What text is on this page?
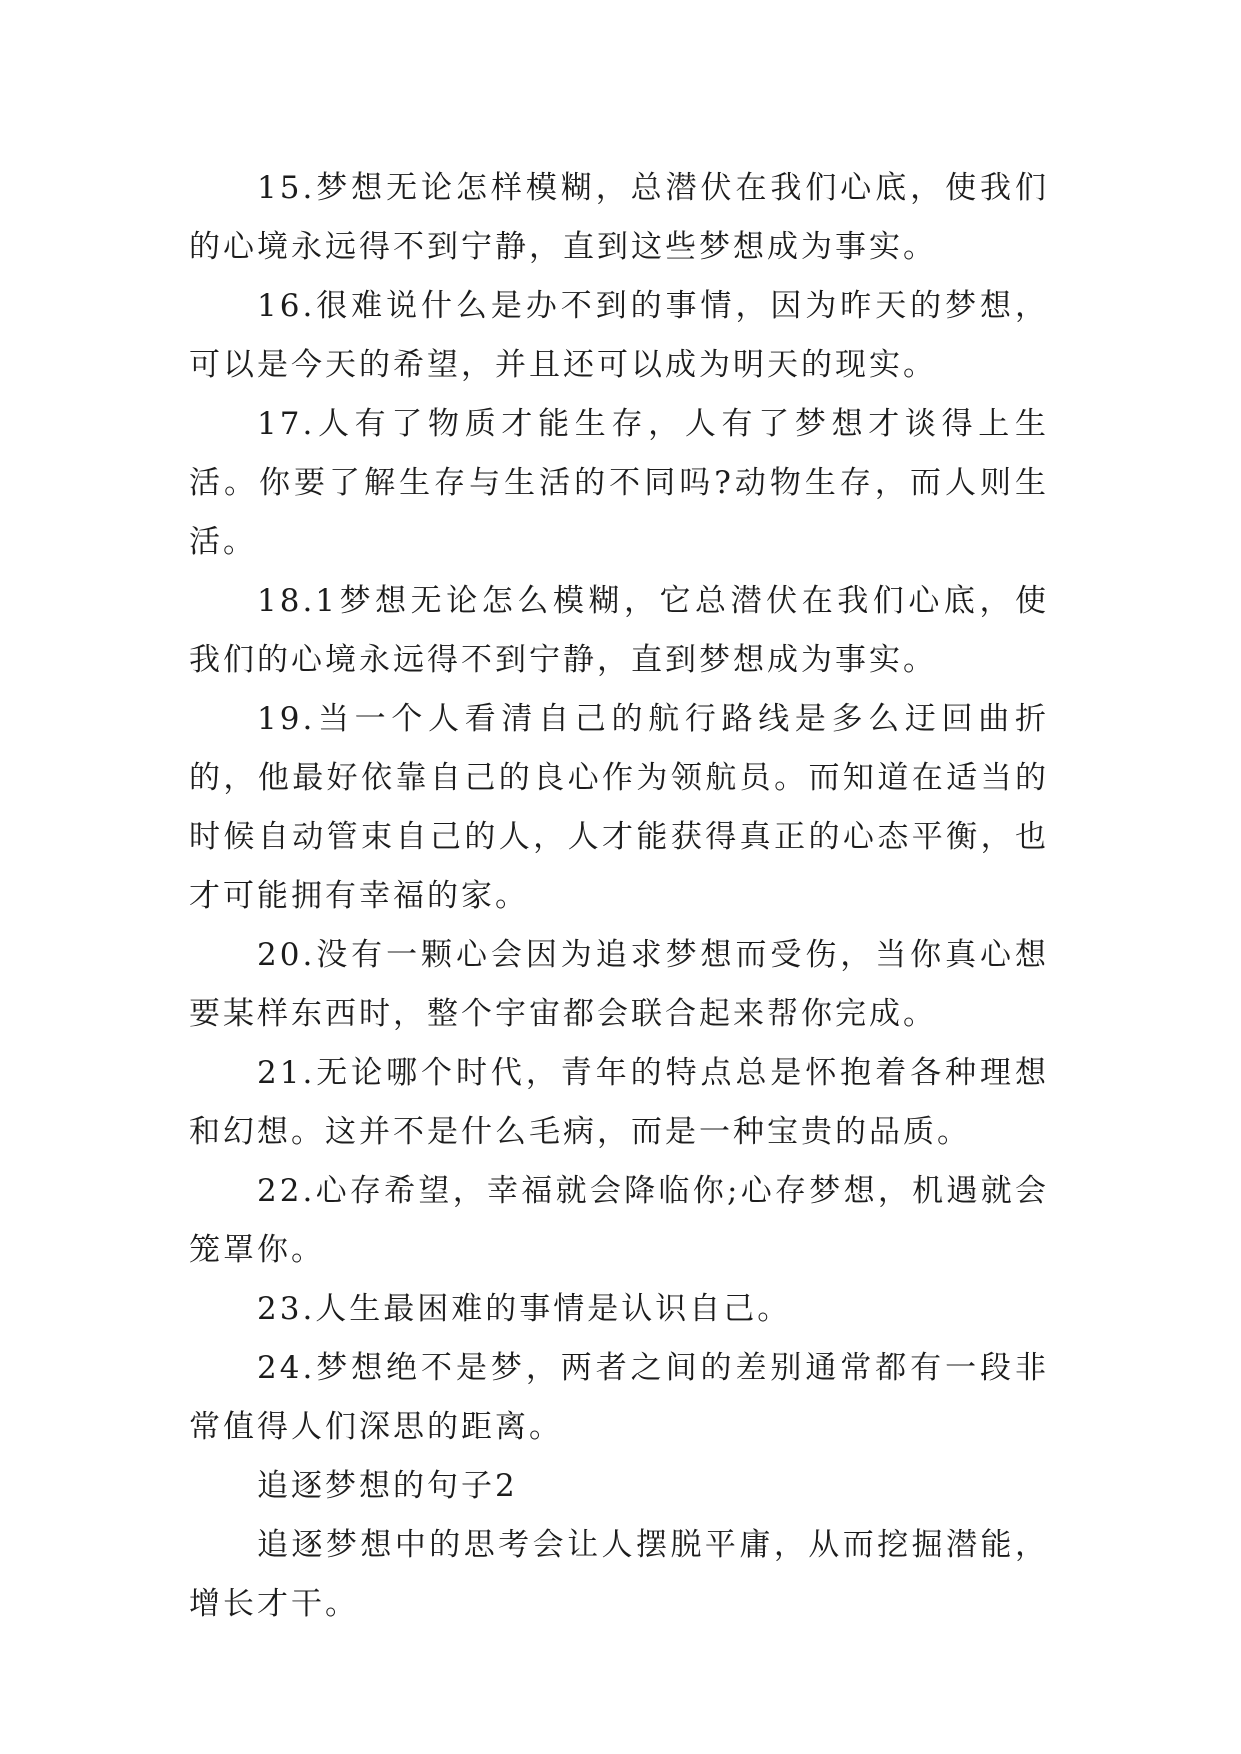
15.梦想无论怎样模糊，总潜伏在我们心底，使我们的心境永远得不到宁静，直到这些梦想成为事实。

16.很难说什么是办不到的事情，因为昨天的梦想，可以是今天的希望，并且还可以成为明天的现实。

17.人有了物质才能生存，人有了梦想才谈得上生活。你要了解生存与生活的不同吗?动物生存，而人则生活。

18.1梦想无论怎么模糊，它总潜伏在我们心底，使我们的心境永远得不到宁静，直到梦想成为事实。

19.当一个人看清自己的航行路线是多么迂回曲折的，他最好依靠自己的良心作为领航员。而知道在适当的时候自动管束自己的人，人才能获得真正的心态平衡，也才可能拥有幸福的家。

20.没有一颗心会因为追求梦想而受伤，当你真心想要某样东西时，整个宇宙都会联合起来帮你完成。

21.无论哪个时代，青年的特点总是怀抱着各种理想和幻想。这并不是什么毛病，而是一种宝贵的品质。

22.心存希望，幸福就会降临你;心存梦想，机遇就会笼罩你。

23.人生最困难的事情是认识自己。

24.梦想绝不是梦，两者之间的差别通常都有一段非常值得人们深思的距离。

追逐梦想的句子2

追逐梦想中的思考会让人摆脱平庸，从而挖掘潜能，增长才干。
